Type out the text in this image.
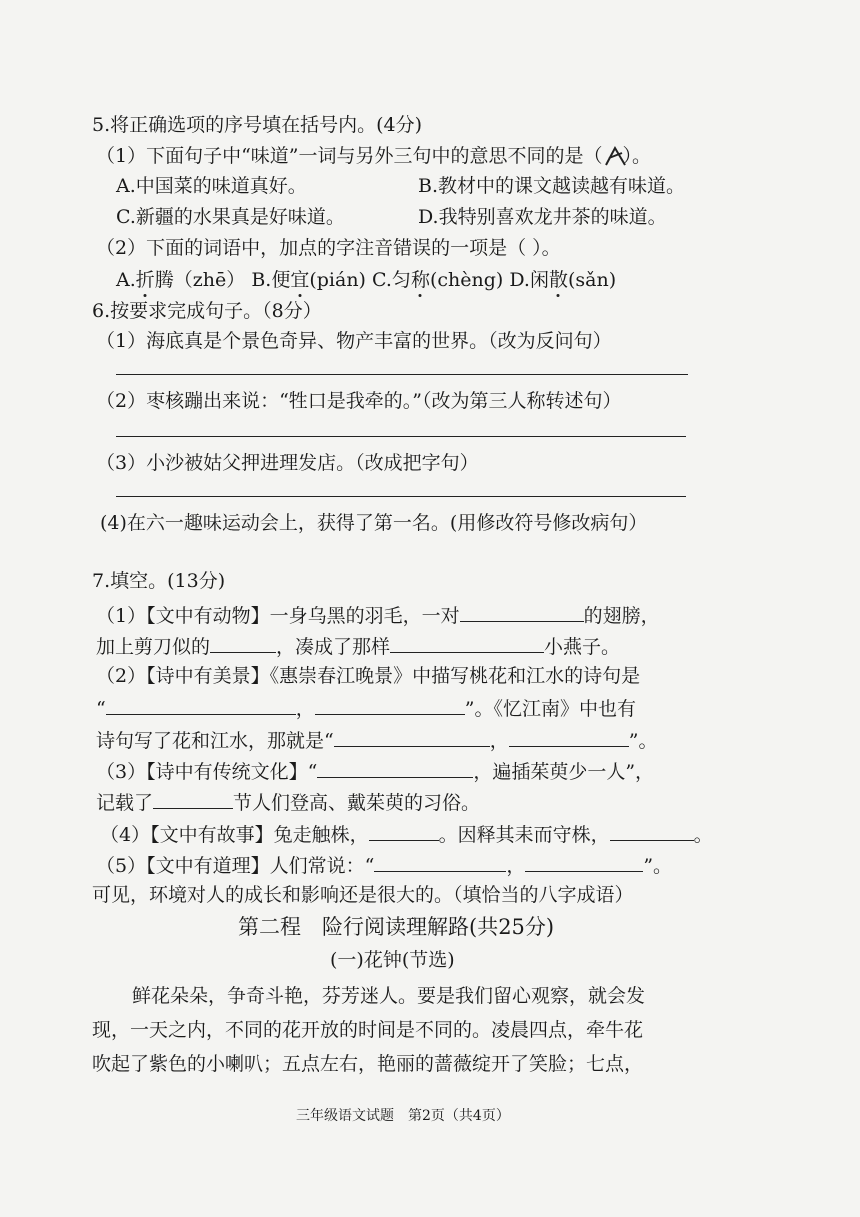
5.将正确选项的序号填在括号内。(4分)
（1）下面句子中“味道”一词与另外三句中的意思不同的是（ ）。
A.中国菜的味道真好。	B.教材中的课文越读越有味道。
C.新疆的水果真是好味道。	D.我特别喜欢龙井茶的味道。
（2）下面的词语中，加点的字注音错误的一项是（ ）。
A.折腾（zhē） B.便宜(pián) C.匀称(chèng) D.闲散(sǎn)
6.按要求完成句子。（8分）
（1）海底真是个景色奇异、物产丰富的世界。（改为反问句）
（2）枣核蹦出来说：“牲口是我牵的。”（改为第三人称转述句）
（3）小沙被姑父押进理发店。（改成把字句）
(4)在六一趣味运动会上，获得了第一名。(用修改符号修改病句）
7.填空。(13分)
（1）【文中有动物】一身乌黑的羽毛，一对	的翅膀，
加上剪刀似的	，凑成了那样	小燕子。
（2）【诗中有美景】《惠崇春江晚景》中描写桃花和江水的诗句是
“	，	”。《忆江南》中也有
诗句写了花和江水，那就是“	，	”。
（3）【诗中有传统文化】“	，遍插茱萸少一人”，
记载了	节人们登高、戴茱萸的习俗。
（4）【文中有故事】兔走触株，	。因释其耒而守株，	。
（5）【文中有道理】人们常说：“	，	”。
可见，环境对人的成长和影响还是很大的。（填恰当的八字成语）
第二程　险行阅读理解路(共25分)
(一)花钟(节选)
鲜花朵朵，争奇斗艳，芬芳迷人。要是我们留心观察，就会发
现，一天之内，不同的花开放的时间是不同的。凌晨四点，牵牛花
吹起了紫色的小喇叭；五点左右，艳丽的蔷薇绽开了笑脸；七点，
三年级语文试题　第2页（共4页）
